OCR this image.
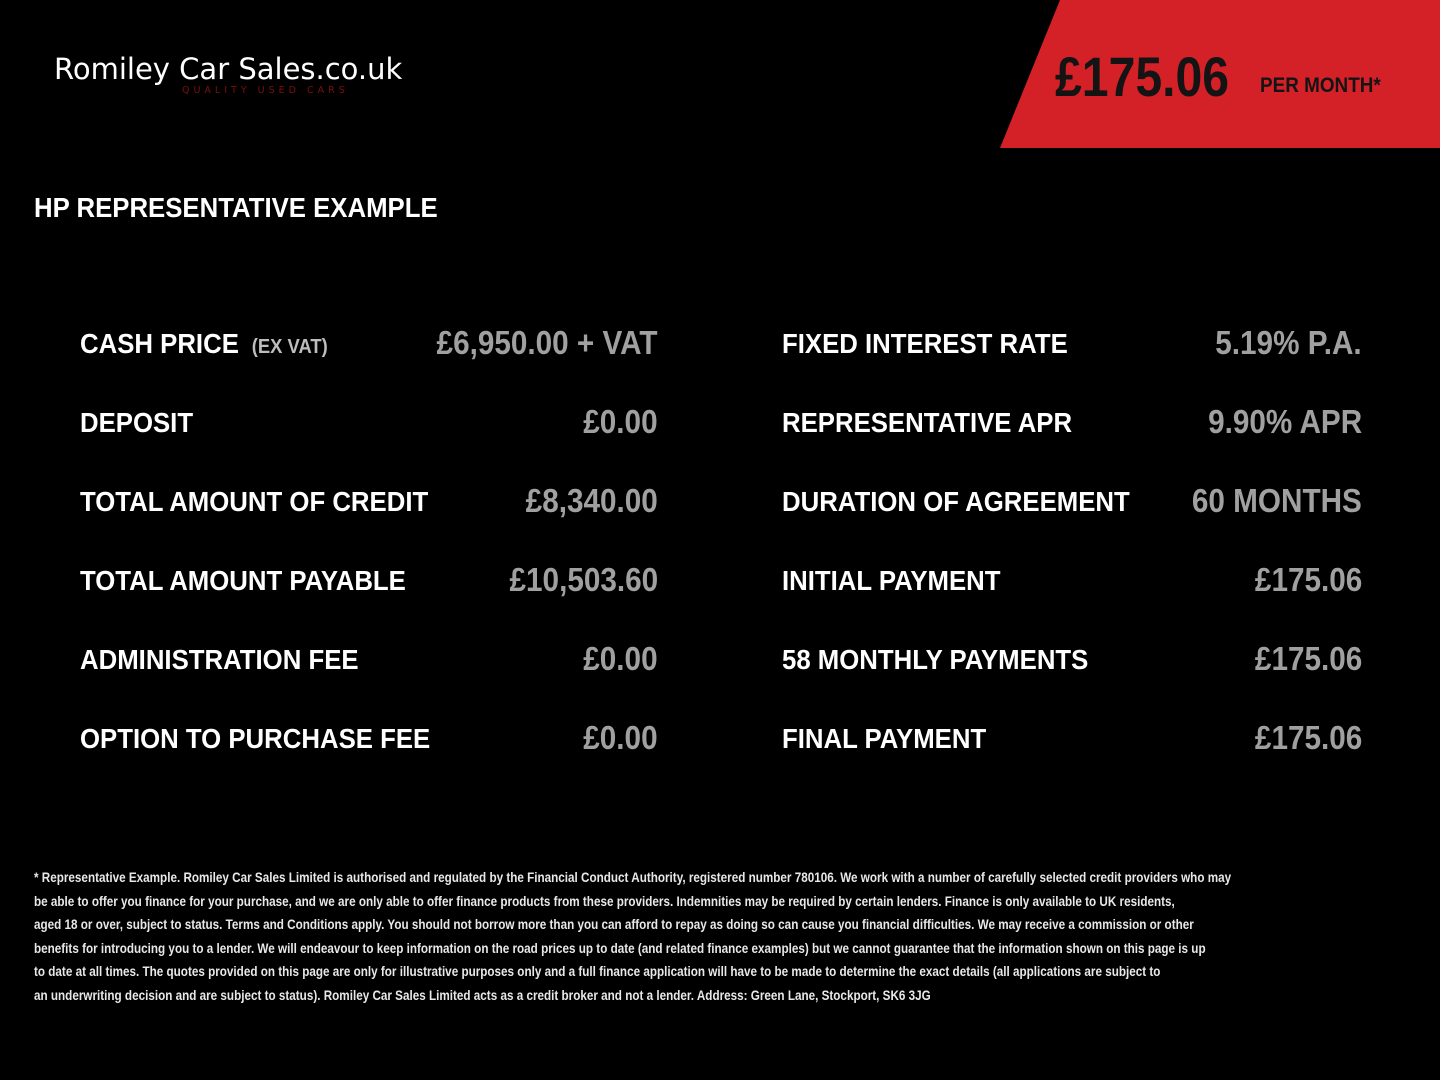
Romiley Car Sales.co.uk
QUALITY USED CARS	£175.06 PER MONTH*
HP REPRESENTATIVE EXAMPLE
CASH PRICE (EX VAT)	£6,950.00 + VAT
DEPOSIT	£0.00
TOTAL AMOUNT OF CREDIT	£8,340.00
TOTAL AMOUNT PAYABLE	£10,503.60
ADMINISTRATION FEE	£0.00
OPTION TO PURCHASE FEE	£0.00
FIXED INTEREST RATE	5.19% P.A.
REPRESENTATIVE APR	9.90% APR
DURATION OF AGREEMENT 60 MONTHS
INITIAL PAYMENT	£175.06
58 MONTHLY PAYMENTS	£175.06
FINAL PAYMENT	£175.06
* Representative Example. Romiley Car Sales Limited is authorised and regulated by the Financial Conduct Authority, registered number 780106. We work with a number of carefully selected credit providers who may
be able to offer you finance for your purchase, and we are only able to offer finance products from these providers. Indemnities may be required by certain lenders. Finance is only available to UK residents,
aged 18 or over, subject to status. Terms and Conditions apply. You should not borrow more than you can afford to repay as doing so can cause you financial difficulties. We may receive a commission or other
benefits for introducing you to a lender. We will endeavour to keep information on the road prices up to date (and related finance examples) but we cannot guarantee that the information shown on this page is up
to date at all times. The quotes provided on this page are only for illustrative purposes only and a full finance application will have to be made to determine the exact details (all applications are subject to
an underwriting decision and are subject to status). Romiley Car Sales Limited acts as a credit broker and not a lender. Address: Green Lane, Stockport, SK6 3JG
